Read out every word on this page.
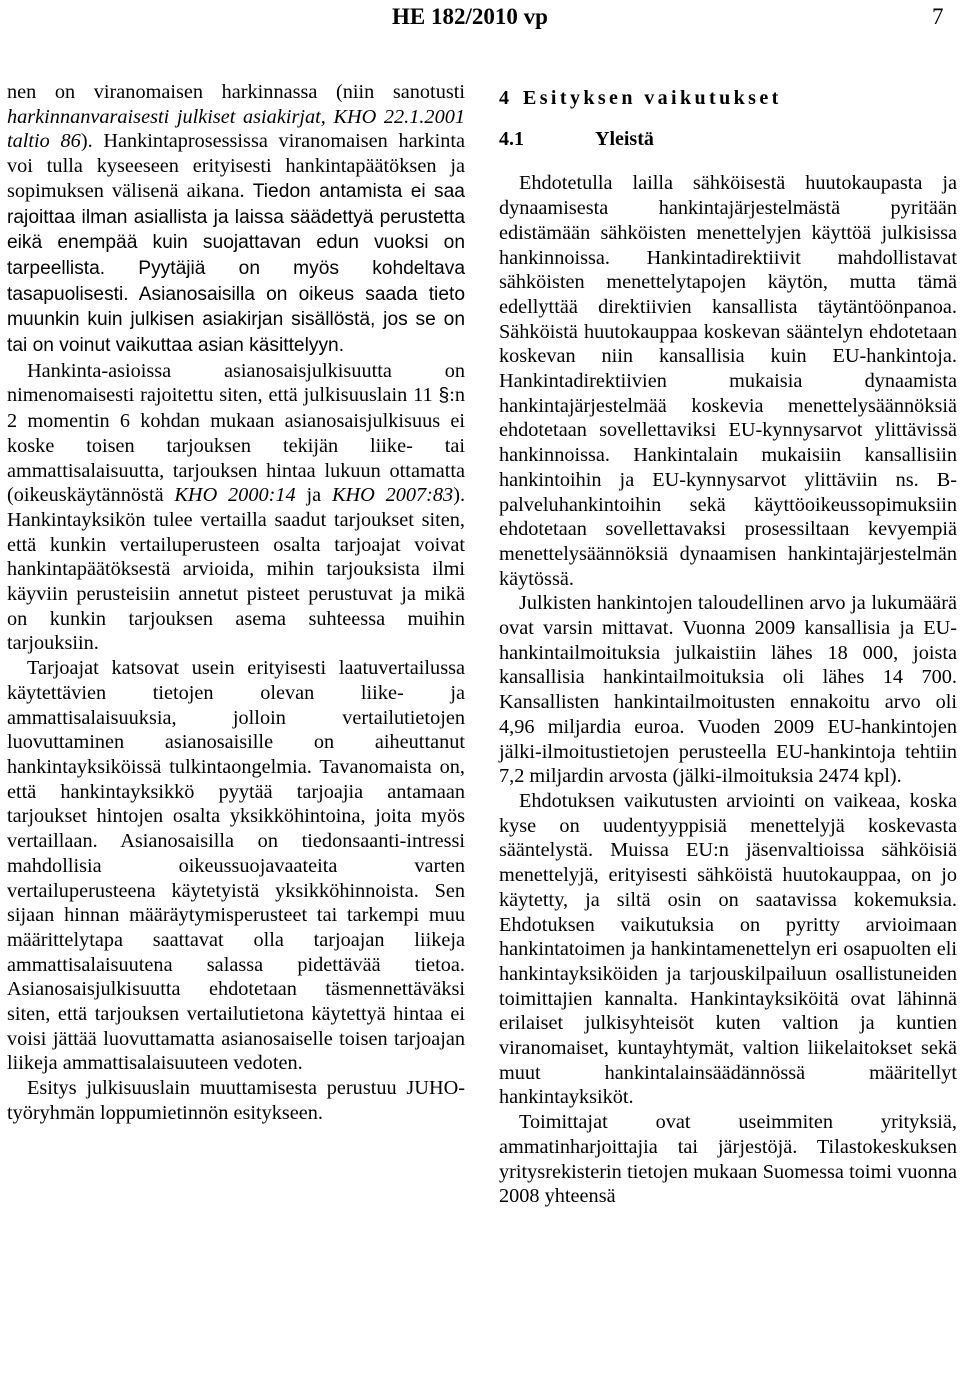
HE 182/2010 vp	7

nen on viranomaisen harkinnassa (niin sanotusti harkinnanvaraisesti julkiset asiakirjat, KHO 22.1.2001 taltio 86). Hankintaprosessissa viranomaisen harkinta voi tulla kyseeseen erityisesti hankintapäätöksen ja sopimuksen välisenä aikana. Tiedon antamista ei saa rajoittaa ilman asiallista ja laissa säädettyä perustetta eikä enempää kuin suojattavan edun vuoksi on tarpeellista. Pyytäjiä on myös kohdeltava tasapuolisesti. Asianosaisilla on oikeus saada tieto muunkin kuin julkisen asiakirjan sisällöstä, jos se on tai on voinut vaikuttaa asian käsittelyyn.

Hankinta-asioissa asianosaisjulkisuutta on nimenomaisesti rajoitettu siten, että julkisuuslain 11 §:n 2 momentin 6 kohdan mukaan asianosaisjulkisuus ei koske toisen tarjouksen tekijän liike- tai ammattisalaisuutta, tarjouksen hintaa lukuun ottamatta (oikeuskäytännöstä KHO 2000:14 ja KHO 2007:83). Hankintayksikön tulee vertailla saadut tarjoukset siten, että kunkin vertailuperusteen osalta tarjoajat voivat hankintapäätöksestä arvioida, mihin tarjouksista ilmi käyviin perusteisiin annetut pisteet perustuvat ja mikä on kunkin tarjouksen asema suhteessa muihin tarjouksiin.

Tarjoajat katsovat usein erityisesti laatuvertailussa käytettävien tietojen olevan liike- ja ammattisalaisuuksia, jolloin vertailutietojen luovuttaminen asianosaisille on aiheuttanut hankintayksiköissä tulkintaongelmia. Tavanomaista on, että hankintayksikkö pyytää tarjoajia antamaan tarjoukset hintojen osalta yksikköhintoina, joita myös vertaillaan. Asianosaisilla on tiedonsaanti-intressi mahdollisia oikeussuojavaateita varten vertailuperusteena käytetyistä yksikköhinnoista. Sen sijaan hinnan määräytymisperusteet tai tarkempi muu määrittelytapa saattavat olla tarjoajan liikeja ammattisalaisuutena salassa pidettävää tietoa. Asianosaisjulkisuutta ehdotetaan täsmennettäväksi siten, että tarjouksen vertailutietona käytettyä hintaa ei voisi jättää luovuttamatta asianosaiselle toisen tarjoajan liikeja ammattisalaisuuteen vedoten.

Esitys julkisuuslain muuttamisesta perustuu JUHO- työryhmän loppumietinnön esitykseen.

4 Esityksen vaikutukset
4.1	Yleistä

Ehdotetulla lailla sähköisestä huutokaupasta ja dynaamisesta hankintajärjestelmästä pyritään edistämään sähköisten menettelyjen käyttöä julkisissa hankinnoissa. Hankintadirektiivit mahdollistavat sähköisten menettelytapojen käytön, mutta tämä edellyttää direktiivien kansallista täytäntöönpanoa. Sähköistä huutokauppaa koskevan sääntelyn ehdotetaan koskevan niin kansallisia kuin EU-hankintoja. Hankintadirektiivien mukaisia dynaamista hankintajärjestelmää koskevia menettelysäännöksiä ehdotetaan sovellettaviksi EU-kynnysarvot ylittävissä hankinnoissa. Hankintalain mukaisiin kansallisiin hankintoihin ja EU-kynnysarvot ylittäviin ns. B-palveluhankintoihin sekä käyttöoikeussopimuksiin ehdotetaan sovellettavaksi prosessiltaan kevyempiä menettelysäännöksiä dynaamisen hankintajärjestelmän käytössä.

Julkisten hankintojen taloudellinen arvo ja lukumäärä ovat varsin mittavat. Vuonna 2009 kansallisia ja EU-hankintailmoituksia julkaistiin lähes 18 000, joista kansallisia hankintailmoituksia oli lähes 14 700. Kansallisten hankintailmoitusten ennakoitu arvo oli 4,96 miljardia euroa. Vuoden 2009 EU-hankintojen jälki-ilmoitustietojen perusteella EU-hankintoja tehtiin 7,2 miljardin arvosta (jälki-ilmoituksia 2474 kpl).

Ehdotuksen vaikutusten arviointi on vaikeaa, koska kyse on uudentyyppisiä menettelyjä koskevasta sääntelystä. Muissa EU:n jäsenvaltioissa sähköisiä menettelyjä, erityisesti sähköistä huutokauppaa, on jo käytetty, ja siltä osin on saatavissa kokemuksia. Ehdotuksen vaikutuksia on pyritty arvioimaan hankintatoimen ja hankintamenettelyn eri osapuolten eli hankintayksiköiden ja tarjouskilpailuun osallistuneiden toimittajien kannalta. Hankintayksiköitä ovat lähinnä erilaiset julkisyhteisöt kuten valtion ja kuntien viranomaiset, kuntayhtymät, valtion liikelaitokset sekä muut hankintalainsäädännössä määritellyt hankintayksiköt.

Toimittajat ovat useimmiten yrityksiä, ammatinharjoittajia tai järjestöjä. Tilastokeskuksen yritysrekisterin tietojen mukaan Suomessa toimi vuonna 2008 yhteensä
